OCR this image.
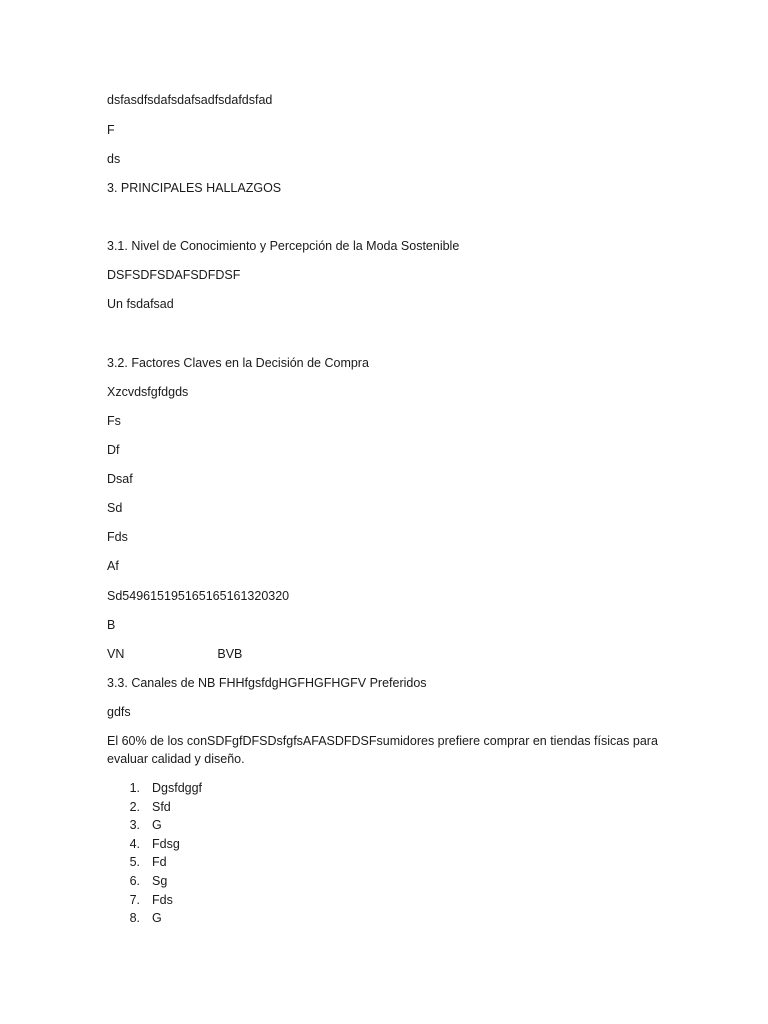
dsfasdfsdafsdafsadfsdafdsfad
F
ds
3. PRINCIPALES HALLAZGOS
3.1. Nivel de Conocimiento y Percepción de la Moda Sostenible
DSFSDFSDAFSDFDSF
Un fsdafsad
3.2. Factores Claves en la Decisión de Compra
Xzcvdsfgfdgds
Fs
Df
Dsaf
Sd
Fds
Af
Sd549615195165165161320320
B
VN	BVB
3.3. Canales de NB FHHfgsfdgHGFHGFHGFV Preferidos
gdfs
El 60% de los conSDFgfDFSDsfgfsAFASDFDSFsumidores prefiere comprar en tiendas físicas para evaluar calidad y diseño.
1. Dgsfdggf
2. Sfd
3. G
4. Fdsg
5. Fd
6. Sg
7. Fds
8. G
